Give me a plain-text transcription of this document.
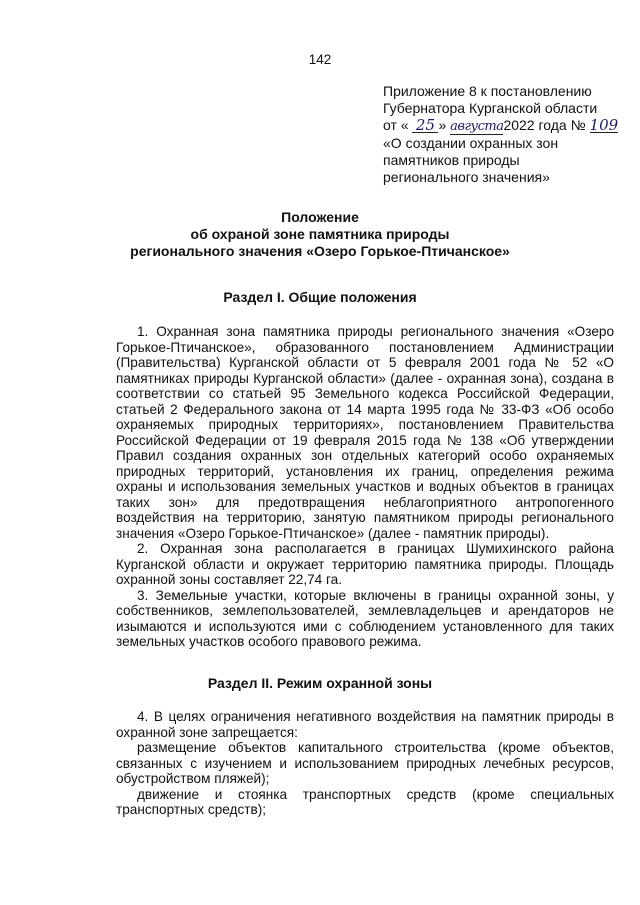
142
Приложение 8 к постановлению
Губернатора Курганской области
от « 25 » августа2022 года № 109
«О создании охранных зон
памятников природы
регионального значения»
Положение
об охраной зоне памятника природы
регионального значения «Озеро Горькое-Птичанское»
Раздел I. Общие положения

1. Охранная зона памятника природы регионального значения «Озеро Горькое-Птичанское», образованного постановлением Администрации (Правительства) Курганской области от 5 февраля 2001 года № 52 «О памятниках природы Курганской области» (далее - охранная зона), создана в соответствии со статьей 95 Земельного кодекса Российской Федерации, статьей 2 Федерального закона от 14 марта 1995 года № 33-ФЗ «Об особо охраняемых природных территориях», постановлением Правительства Российской Федерации от 19 февраля 2015 года № 138 «Об утверждении Правил создания охранных зон отдельных категорий особо охраняемых природных территорий, установления их границ, определения режима охраны и использования земельных участков и водных объектов в границах таких зон» для предотвращения неблагоприятного антропогенного воздействия на территорию, занятую памятником природы регионального значения «Озеро Горькое-Птичанское» (далее - памятник природы).

2. Охранная зона располагается в границах Шумихинского района Курганской области и окружает территорию памятника природы. Площадь охранной зоны составляет 22,74 га.

3. Земельные участки, которые включены в границы охранной зоны, у собственников, землепользователей, землевладельцев и арендаторов не изымаются и используются ими с соблюдением установленного для таких земельных участков особого правового режима.

Раздел II. Режим охранной зоны

4. В целях ограничения негативного воздействия на памятник природы в охранной зоне запрещается:

размещение объектов капитального строительства (кроме объектов, связанных с изучением и использованием природных лечебных ресурсов, обустройством пляжей);

движение и стоянка транспортных средств (кроме специальных транспортных средств);
